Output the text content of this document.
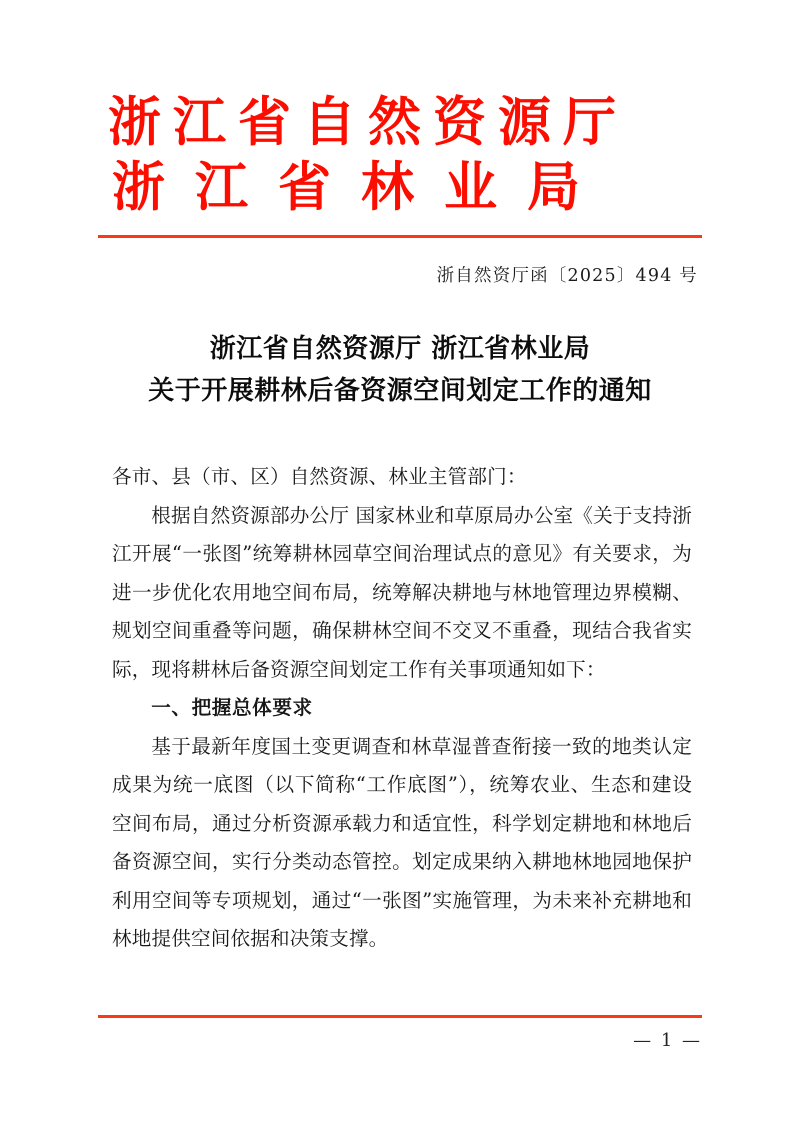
浙江省自然资源厅
浙江省林业局
浙自然资厅函〔2025〕494 号
浙江省自然资源厅 浙江省林业局
关于开展耕林后备资源空间划定工作的通知

各市、县（市、区）自然资源、林业主管部门：

根据自然资源部办公厅 国家林业和草原局办公室《关于支持浙江开展“一张图”统筹耕林园草空间治理试点的意见》有关要求，为进一步优化农用地空间布局，统筹解决耕地与林地管理边界模糊、规划空间重叠等问题，确保耕林空间不交叉不重叠，现结合我省实际，现将耕林后备资源空间划定工作有关事项通知如下：

一、把握总体要求

基于最新年度国土变更调查和林草湿普查衔接一致的地类认定成果为统一底图（以下简称“工作底图”），统筹农业、生态和建设空间布局，通过分析资源承载力和适宜性，科学划定耕地和林地后备资源空间，实行分类动态管控。划定成果纳入耕地林地园地保护利用空间等专项规划，通过“一张图”实施管理，为未来补充耕地和林地提供空间依据和决策支撑。

— 1 —
